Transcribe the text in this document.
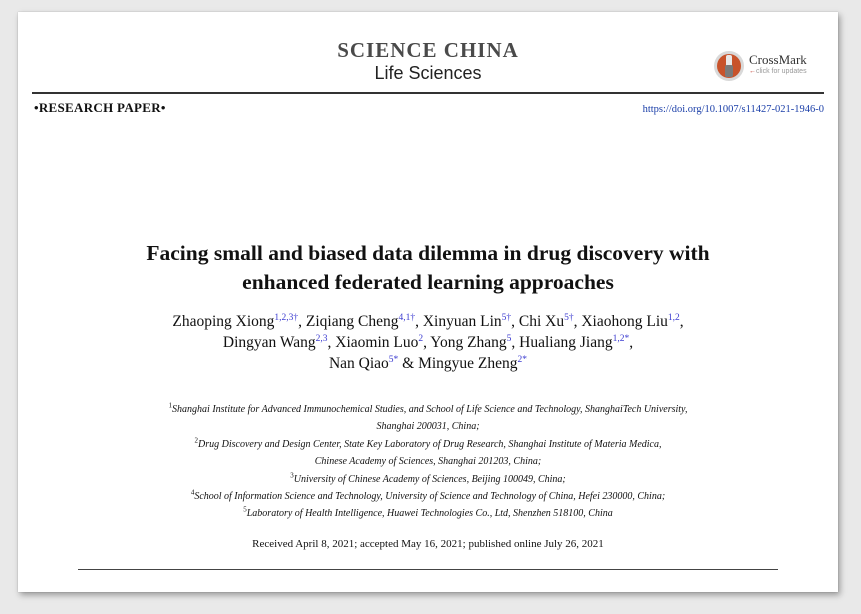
SCIENCE CHINA
Life Sciences
CrossMark
←click for updates
•RESEARCH PAPER•	https://doi.org/10.1007/s11427-021-1946-0
Facing small and biased data dilemma in drug discovery with
enhanced federated learning approaches
Zhaoping Xiong$^{1,2,3\dagger}$, Ziqiang Cheng$^{4,1\dagger}$, Xinyuan Lin$^{5\dagger}$, Chi $Xu^{5\dagger}$, Xiaohong Liu$^{1,2}$,
Dingyan Wang$^{2,3}$, Xiaomin Luo$^2$, Yong Zhang$^5$, Hualiang Jiang$^{1,2*}$,
Nan Qiao$^{5*}$ & Mingyue Zheng$^{2*}$
$^1$Shanghai Institute for Advanced Immunochemical Studies, and School of Life Science and Technology, ShanghaiTech University,
Shanghai 200031, China;
$^2$Drug Discovery and Design Center, State Key Laboratory of Drug Research, Shanghai Institute of Materia Medica,
Chinese Academy of Sciences, Shanghai 201203, China;
$^3$University of Chinese Academy of Sciences, Beijing 100049, China;
$^4$School of Information Science and Technology, University of Science and Technology of China, Hefei 230000, China;
$^5$Laboratory of Health Intelligence, Huawei Technologies Co., Ltd, Shenzhen 518100, China
Received April 8, 2021; accepted May 16, 2021; published online July 26, 2021
